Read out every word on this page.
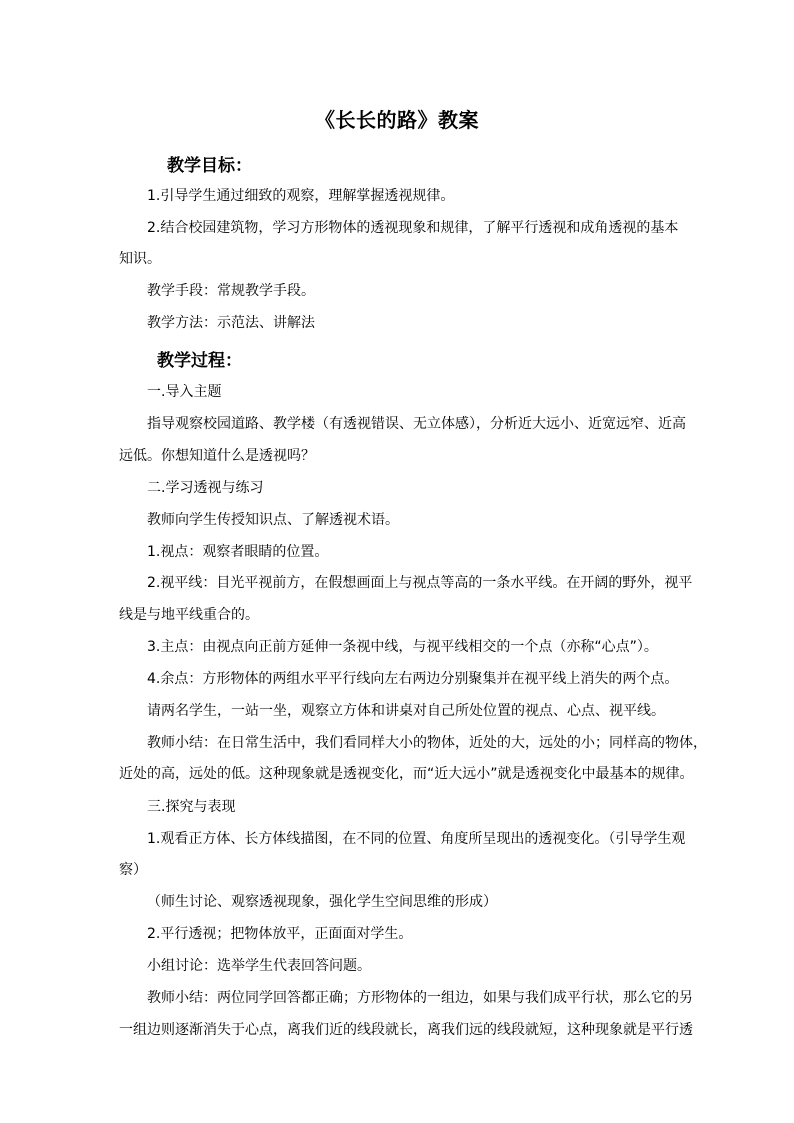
《长长的路》教案
教学目标：
1.引导学生通过细致的观察，理解掌握透视规律。
2.结合校园建筑物，学习方形物体的透视现象和规律，了解平行透视和成角透视的基本
知识。
教学手段：常规教学手段。
教学方法：示范法、讲解法
教学过程：
一.导入主题
指导观察校园道路、教学楼（有透视错误、无立体感），分析近大远小、近宽远窄、近高
远低。你想知道什么是透视吗？
二.学习透视与练习
教师向学生传授知识点、了解透视术语。
1.视点：观察者眼睛的位置。
2.视平线：目光平视前方，在假想画面上与视点等高的一条水平线。在开阔的野外，视平
线是与地平线重合的。
3.主点：由视点向正前方延伸一条视中线，与视平线相交的一个点（亦称“心点”）。
4.余点：方形物体的两组水平平行线向左右两边分别聚集并在视平线上消失的两个点。
请两名学生，一站一坐，观察立方体和讲桌对自己所处位置的视点、心点、视平线。
教师小结：在日常生活中，我们看同样大小的物体，近处的大，远处的小；同样高的物体，
近处的高，远处的低。这种现象就是透视变化，而“近大远小”就是透视变化中最基本的规律。
三.探究与表现
1.观看正方体、长方体线描图，在不同的位置、角度所呈现出的透视变化。（引导学生观
察）
（师生讨论、观察透视现象，强化学生空间思维的形成）
2.平行透视；把物体放平，正面面对学生。
小组讨论：选举学生代表回答问题。
教师小结：两位同学回答都正确；方形物体的一组边，如果与我们成平行状，那么它的另
一组边则逐渐消失于心点，离我们近的线段就长，离我们远的线段就短，这种现象就是平行透
